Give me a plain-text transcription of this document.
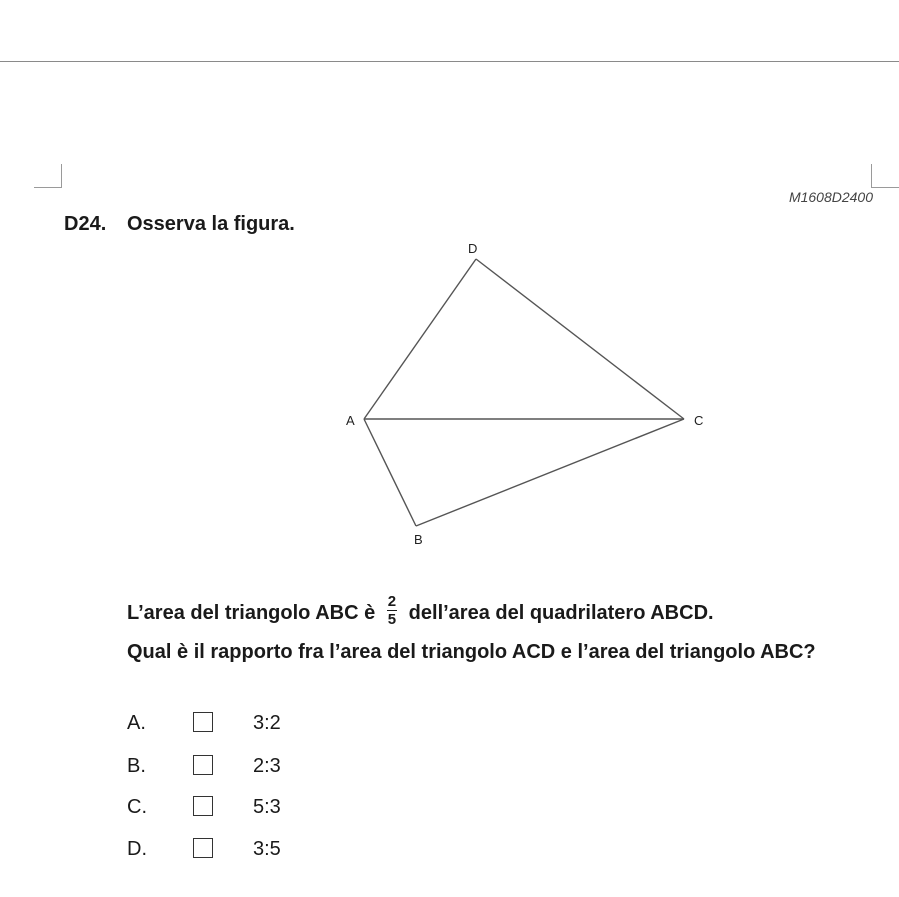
M1608D2400
D24. Osserva la figura.
D
A	C
B
L’area del triangolo ABC è $\frac{2}{5}$ dell’area del quadrilatero ABCD.
Qual è il rapporto fra l’area del triangolo ACD e l’area del triangolo ABC?
A.	3:2
B.	2:3
C.	5:3
D.	3:5
